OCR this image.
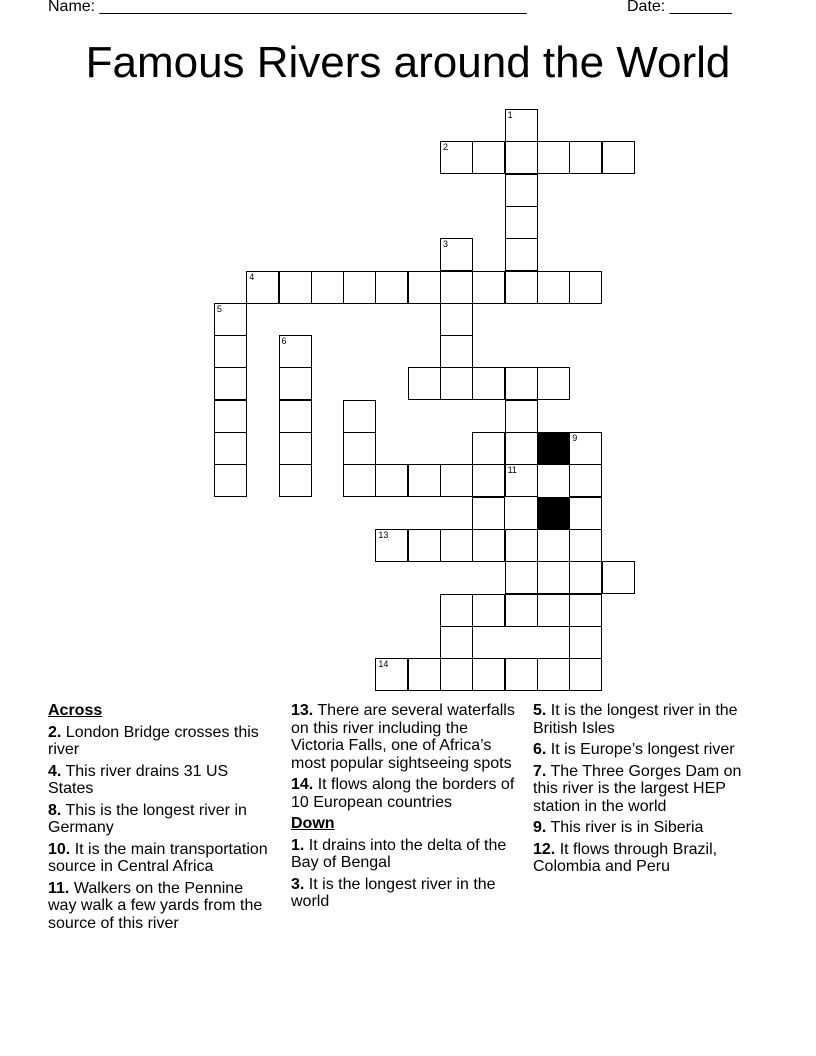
Name: ________________________________________________	Date: _______
Famous Rivers around the World
1
2
3
4
5
6
11
13
9
14
Across
2. London Bridge crosses this river
4. This river drains 31 US States
8. This is the longest river in Germany
10. It is the main transportation source in Central Africa
11. Walkers on the Pennine way walk a few yards from the source of this river
13. There are several waterfalls on this river including the Victoria Falls, one of Africa’s most popular sightseeing spots
14. It flows along the borders of 10 European countries
Down
1. It drains into the delta of the Bay of Bengal
3. It is the longest river in the world
5. It is the longest river in the British Isles
6. It is Europe’s longest river
7. The Three Gorges Dam on this river is the largest HEP station in the world
9. This river is in Siberia
12. It flows through Brazil, Colombia and Peru
